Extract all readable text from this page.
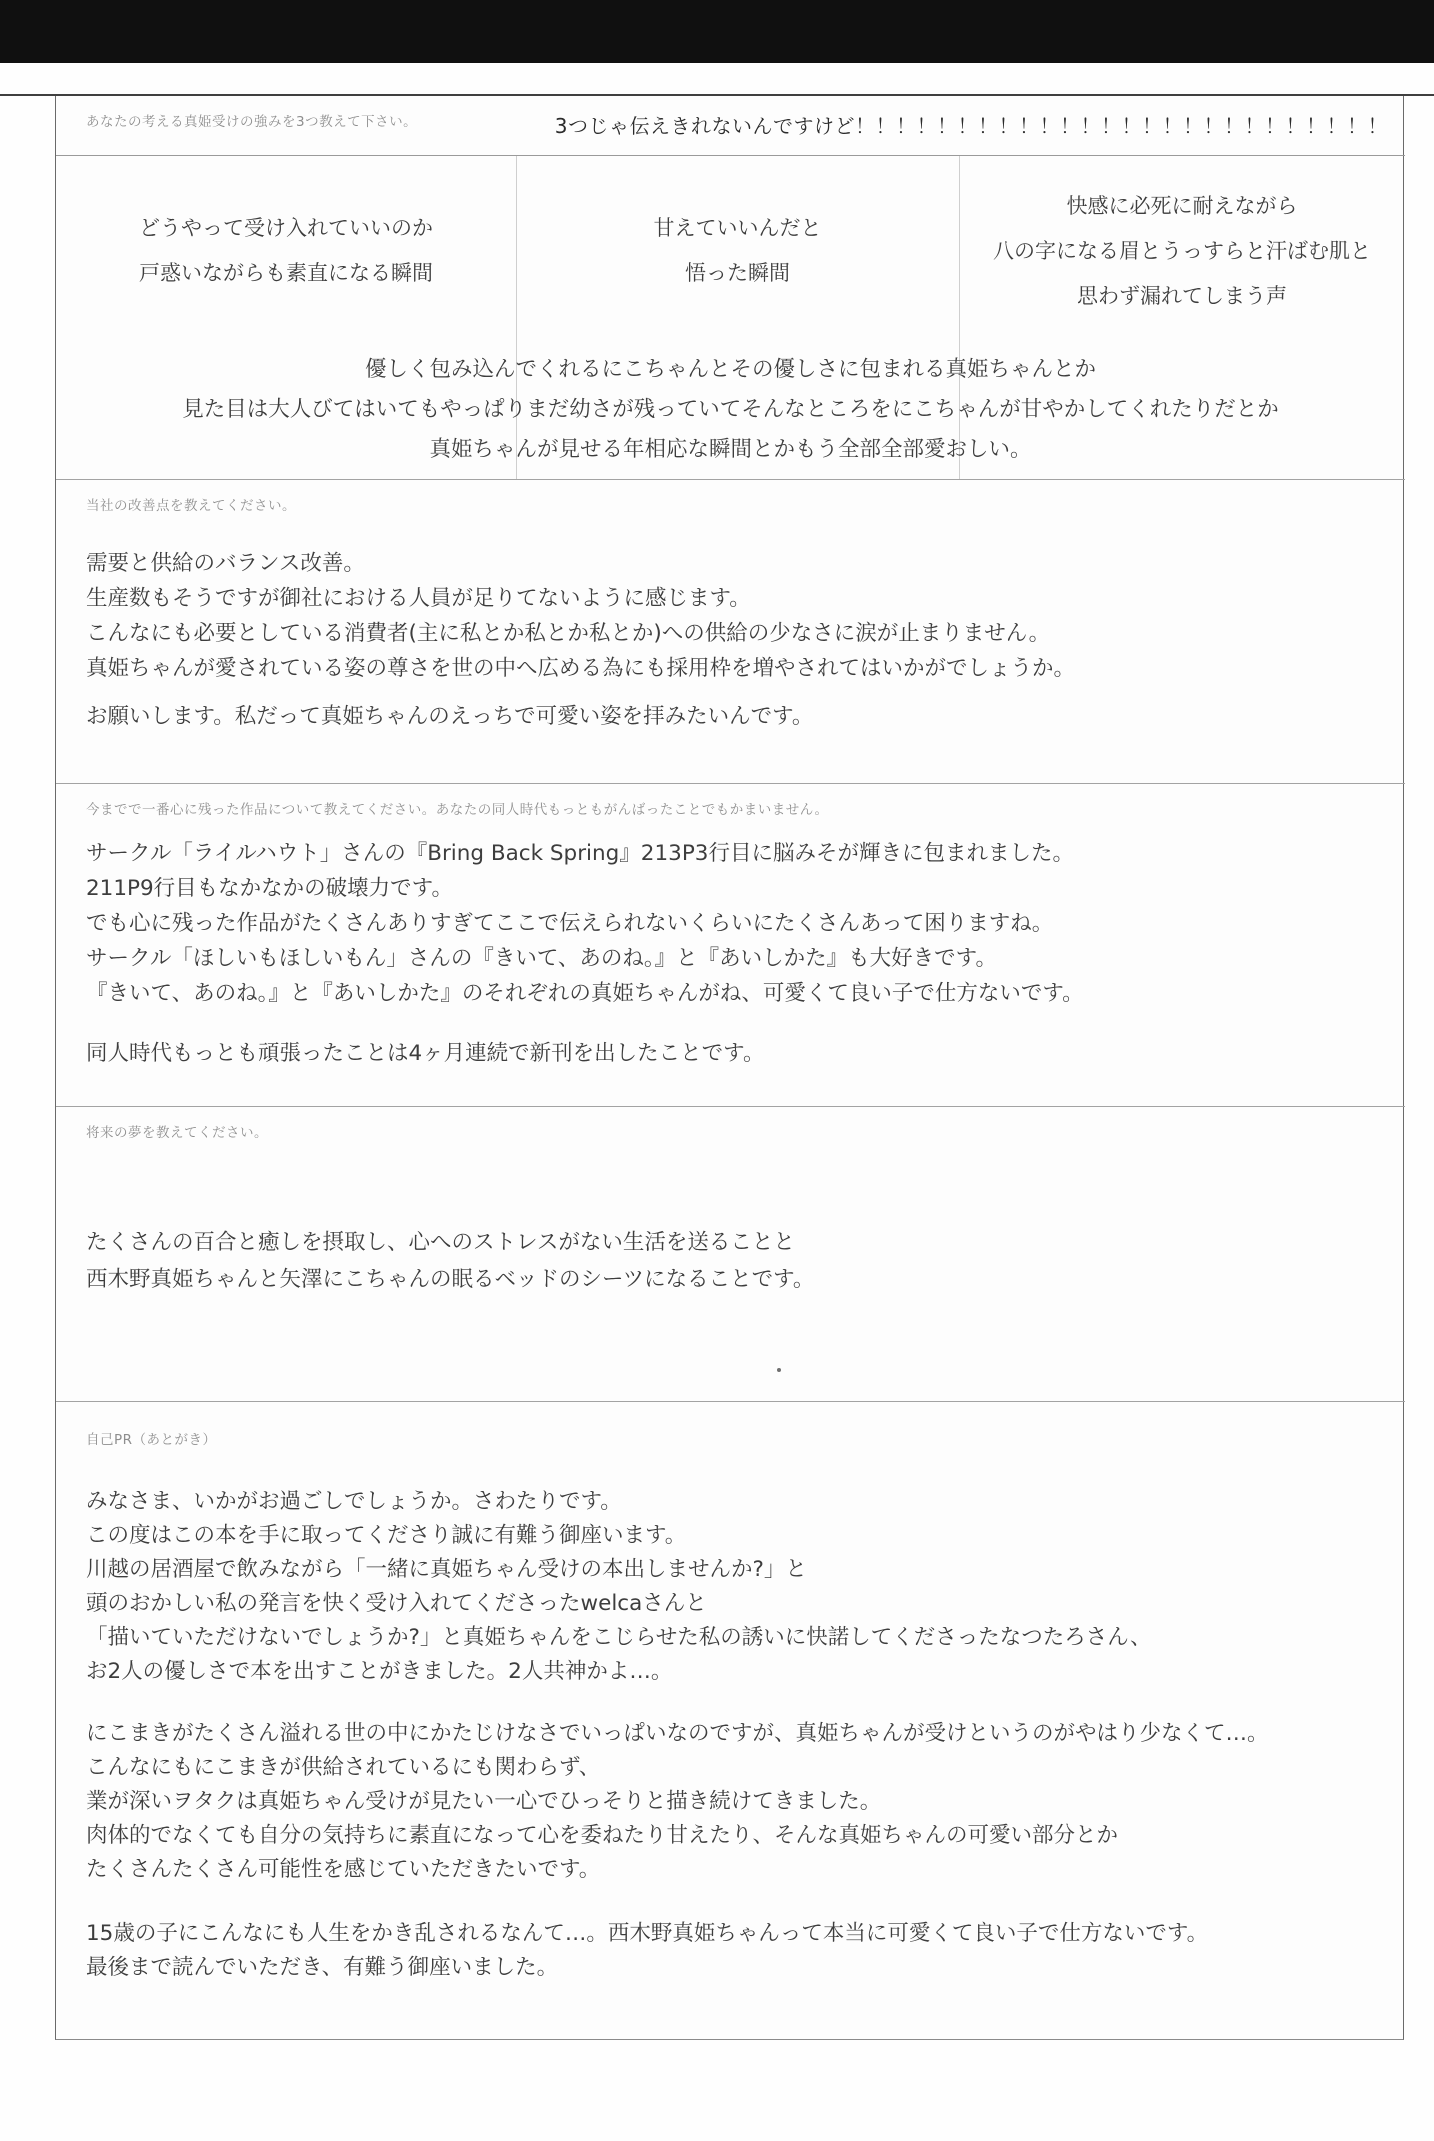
あなたの考える真姫受けの強みを3つ教えて下さい。	3つじゃ伝えきれないんですけど！！！！！！！！！！！！！！！！！！！！！！！！！！
どうやって受け入れていいのか
戸惑いながらも素直になる瞬間
甘えていいんだと
悟った瞬間
快感に必死に耐えながら
八の字になる眉とうっすらと汗ばむ肌と
思わず漏れてしまう声
優しく包み込んでくれるにこちゃんとその優しさに包まれる真姫ちゃんとか
見た目は大人びてはいてもやっぱりまだ幼さが残っていてそんなところをにこちゃんが甘やかしてくれたりだとか
真姫ちゃんが見せる年相応な瞬間とかもう全部全部愛おしい。
当社の改善点を教えてください。
需要と供給のバランス改善。
生産数もそうですが御社における人員が足りてないように感じます。
こんなにも必要としている消費者(主に私とか私とか私とか)への供給の少なさに涙が止まりません。
真姫ちゃんが愛されている姿の尊さを世の中へ広める為にも採用枠を増やされてはいかがでしょうか。
お願いします。私だって真姫ちゃんのえっちで可愛い姿を拝みたいんです。
今までで一番心に残った作品について教えてください。あなたの同人時代もっともがんばったことでもかまいません。
サークル「ライルハウト」さんの『Bring Back Spring』213P3行目に脳みそが輝きに包まれました。
211P9行目もなかなかの破壊力です。
でも心に残った作品がたくさんありすぎてここで伝えられないくらいにたくさんあって困りますね。
サークル「ほしいもほしいもん」さんの『きいて、あのね。』と『あいしかた』も大好きです。
『きいて、あのね。』と『あいしかた』のそれぞれの真姫ちゃんがね、可愛くて良い子で仕方ないです。
同人時代もっとも頑張ったことは4ヶ月連続で新刊を出したことです。
将来の夢を教えてください。
たくさんの百合と癒しを摂取し、心へのストレスがない生活を送ることと
西木野真姫ちゃんと矢澤にこちゃんの眠るベッドのシーツになることです。
自己PR（あとがき）
みなさま、いかがお過ごしでしょうか。さわたりです。
この度はこの本を手に取ってくださり誠に有難う御座います。
川越の居酒屋で飲みながら「一緒に真姫ちゃん受けの本出しませんか?」と
頭のおかしい私の発言を快く受け入れてくださったwelcaさんと
「描いていただけないでしょうか?」と真姫ちゃんをこじらせた私の誘いに快諾してくださったなつたろさん、
お2人の優しさで本を出すことがきました。2人共神かよ…。
にこまきがたくさん溢れる世の中にかたじけなさでいっぱいなのですが、真姫ちゃんが受けというのがやはり少なくて…。
こんなにもにこまきが供給されているにも関わらず、
業が深いヲタクは真姫ちゃん受けが見たい一心でひっそりと描き続けてきました。
肉体的でなくても自分の気持ちに素直になって心を委ねたり甘えたり、そんな真姫ちゃんの可愛い部分とか
たくさんたくさん可能性を感じていただきたいです。
15歳の子にこんなにも人生をかき乱されるなんて…。西木野真姫ちゃんって本当に可愛くて良い子で仕方ないです。
最後まで読んでいただき、有難う御座いました。
